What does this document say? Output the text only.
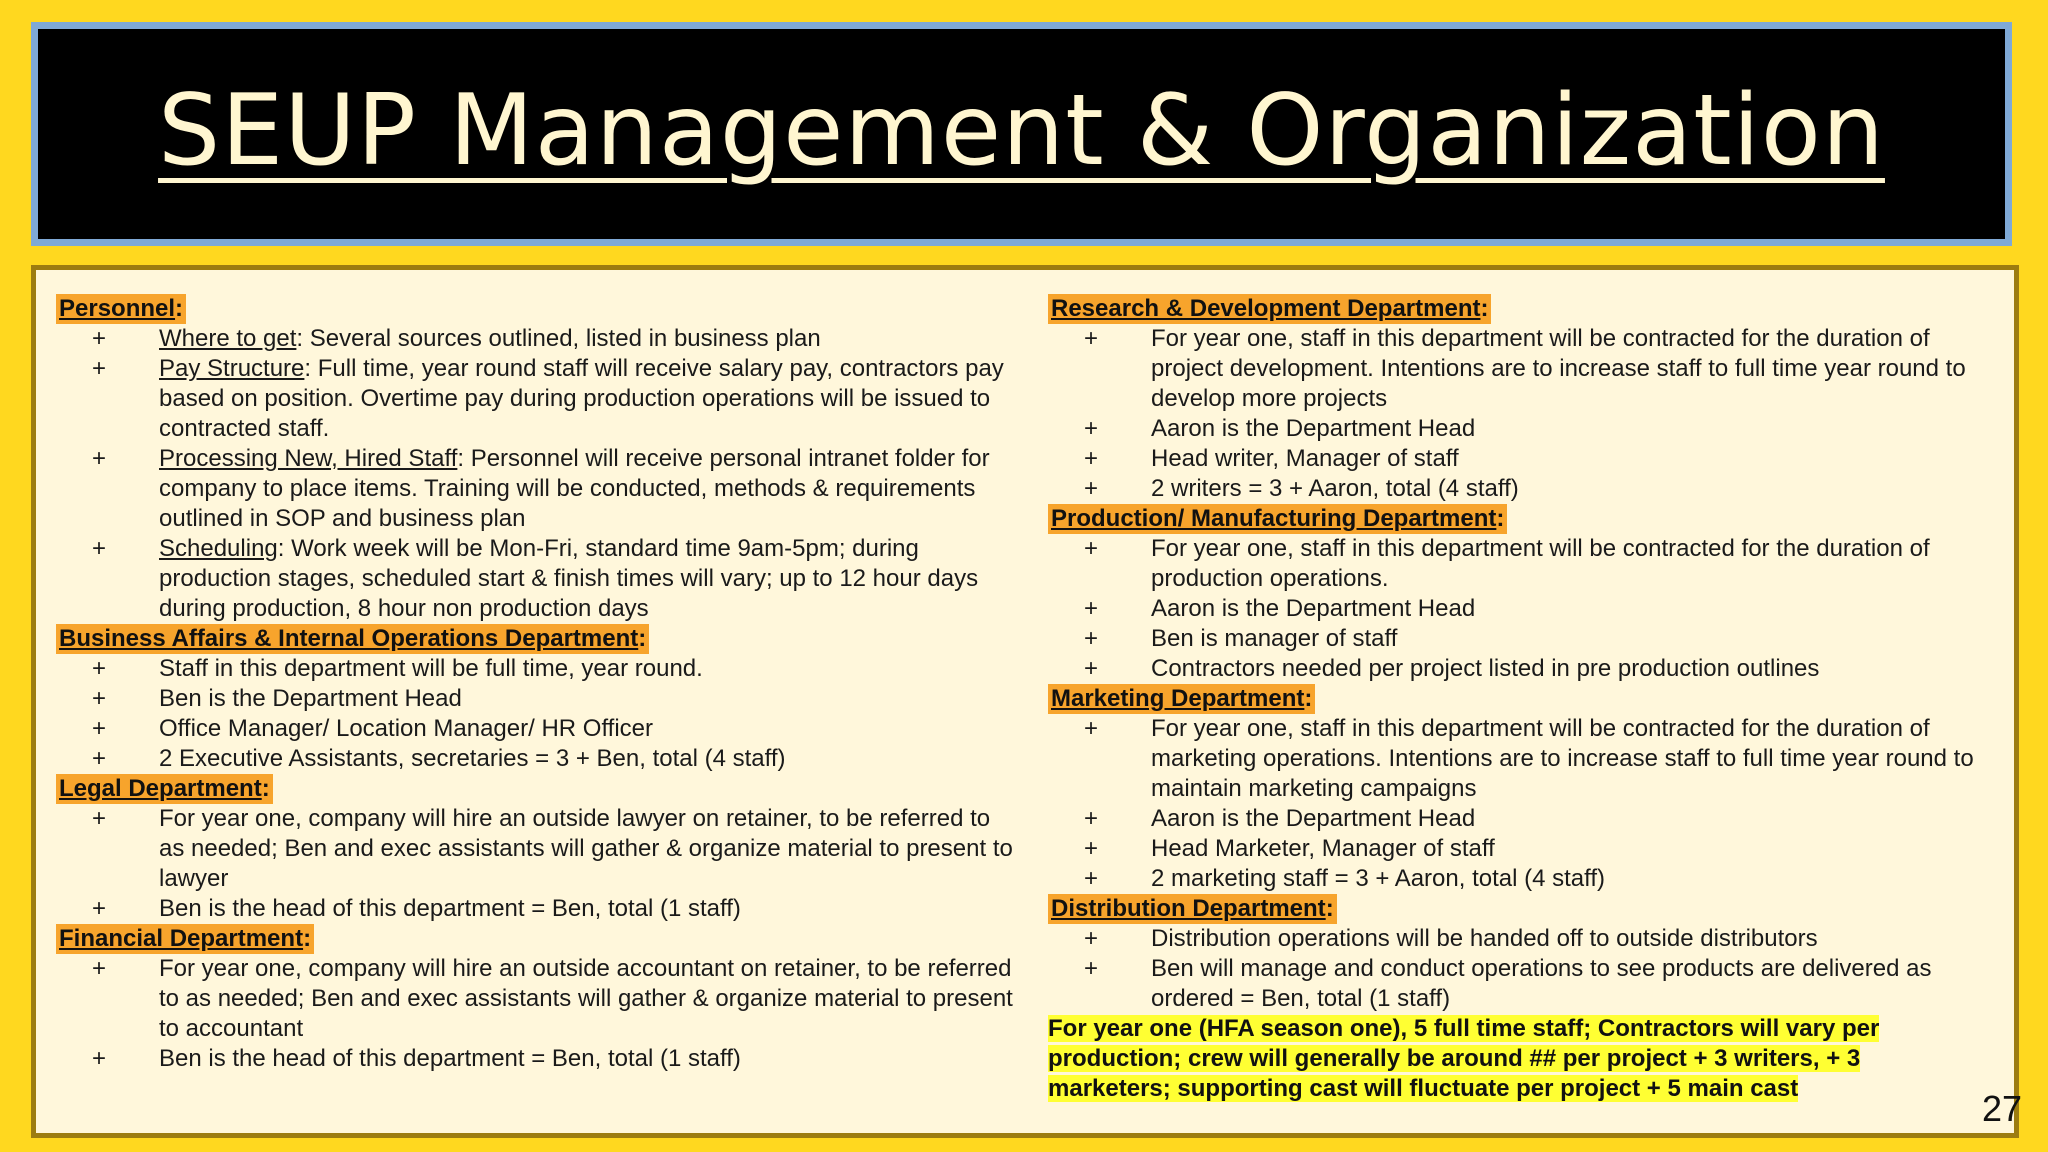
SEUP Management & Organization
Personnel:
+ Where to get: Several sources outlined, listed in business plan
+ Pay Structure: Full time, year round staff will receive salary pay, contractors pay based on position. Overtime pay during production operations will be issued to contracted staff.
+ Processing New, Hired Staff: Personnel will receive personal intranet folder for company to place items. Training will be conducted, methods & requirements outlined in SOP and business plan
+ Scheduling: Work week will be Mon-Fri, standard time 9am-5pm; during production stages, scheduled start & finish times will vary; up to 12 hour days during production, 8 hour non production days
Business Affairs & Internal Operations Department:
+ Staff in this department will be full time, year round.
+ Ben is the Department Head
+ Office Manager/ Location Manager/ HR Officer
+ 2 Executive Assistants, secretaries = 3 + Ben, total (4 staff)
Legal Department:
+ For year one, company will hire an outside lawyer on retainer, to be referred to as needed; Ben and exec assistants will gather & organize material to present to lawyer
+ Ben is the head of this department = Ben, total (1 staff)
Financial Department:
+ For year one, company will hire an outside accountant on retainer, to be referred to as needed; Ben and exec assistants will gather & organize material to present to accountant
+ Ben is the head of this department = Ben, total (1 staff)
Research & Development Department:
+ For year one, staff in this department will be contracted for the duration of project development. Intentions are to increase staff to full time year round to develop more projects
+ Aaron is the Department Head
+ Head writer, Manager of staff
+ 2 writers = 3 + Aaron, total (4 staff)
Production/ Manufacturing Department:
+ For year one, staff in this department will be contracted for the duration of production operations.
+ Aaron is the Department Head
+ Ben is manager of staff
+ Contractors needed per project listed in pre production outlines
Marketing Department:
+ For year one, staff in this department will be contracted for the duration of marketing operations. Intentions are to increase staff to full time year round to maintain marketing campaigns
+ Aaron is the Department Head
+ Head Marketer, Manager of staff
+ 2 marketing staff = 3 + Aaron, total (4 staff)
Distribution Department:
+ Distribution operations will be handed off to outside distributors
+ Ben will manage and conduct operations to see products are delivered as ordered = Ben, total (1 staff)
For year one (HFA season one), 5 full time staff; Contractors will vary per production; crew will generally be around ## per project + 3 writers, + 3 marketers; supporting cast will fluctuate per project + 5 main cast	27
